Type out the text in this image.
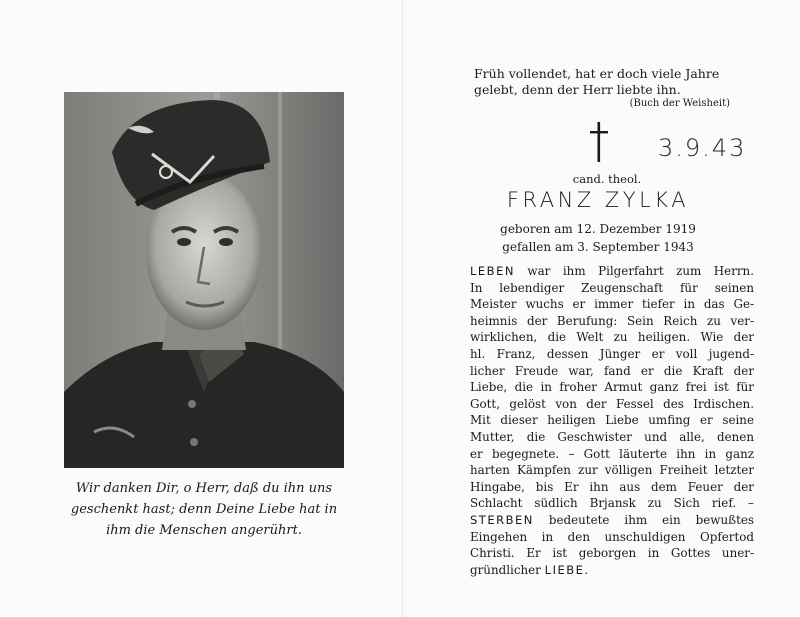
Wir danken Dir, o Herr, daß du ihn uns
geschenkt hast; denn Deine Liebe hat in
ihm die Menschen angerührt.
Früh vollendet, hat er doch viele Jahre
gelebt, denn der Herr liebte ihn.
(Buch der Weisheit)
3.9.43
cand. theol.
FRANZ ZYLKA
geboren am 12. Dezember 1919
gefallen am 3. September 1943
LEBEN war ihm Pilgerfahrt zum Herrn.
In lebendiger Zeugenschaft für seinen
Meister wuchs er immer tiefer in das Ge-
heimnis der Berufung: Sein Reich zu ver-
wirklichen, die Welt zu heiligen. Wie der
hl. Franz, dessen Jünger er voll jugend-
licher Freude war, fand er die Kraft der
Liebe, die in froher Armut ganz frei ist für
Gott, gelöst von der Fessel des Irdischen.
Mit dieser heiligen Liebe umfing er seine
Mutter, die Geschwister und alle, denen
er begegnete. – Gott läuterte ihn in ganz
harten Kämpfen zur völligen Freiheit letzter
Hingabe, bis Er ihn aus dem Feuer der
Schlacht südlich Brjansk zu Sich rief. –
STERBEN bedeutete ihm ein bewußtes
Eingehen in den unschuldigen Opfertod
Christi. Er ist geborgen in Gottes uner-
gründlicher LIEBE.
